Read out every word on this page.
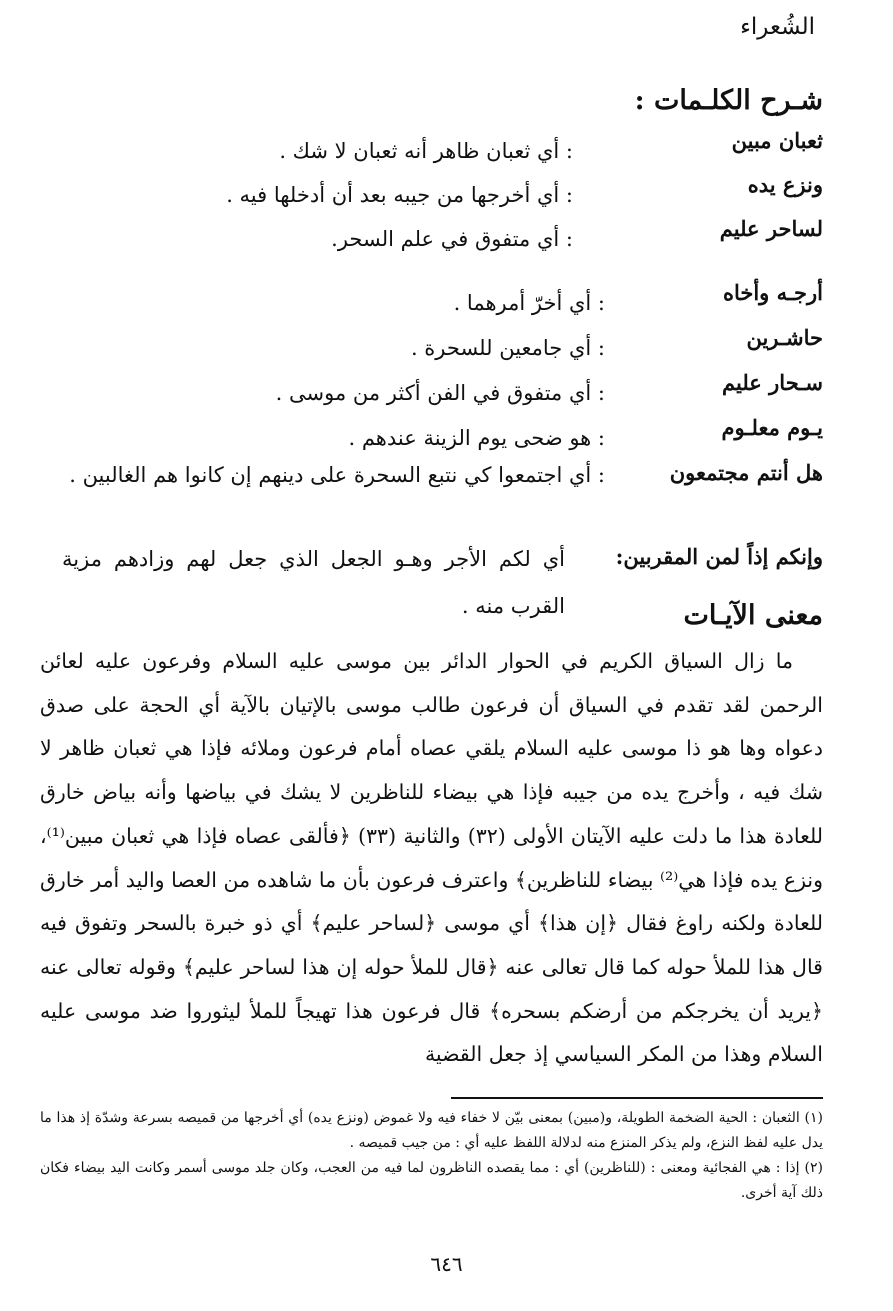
الشُعراء
شـرح الكلـمات :
ثعبان مبين
: أي ثعبان ظاهر أنه ثعبان لا شك .
ونزع يده
: أي أخرجها من جيبه بعد أن أدخلها فيه .
لساحر عليم
: أي متفوق في علم السحر.
أرجـه وأخاه
: أي أخرّ أمرهما .
حاشـرين
: أي جامعين للسحرة .
سـحار عليم
: أي متفوق في الفن أكثر من موسى .
يـوم معلـوم
: هو ضحى يوم الزينة عندهم .
هل أنتم مجتمعون
: أي اجتمعوا كي نتبع السحرة على دينهم إن كانوا هم الغالبين .
وإنكم إذاً لمن المقربين:
أي لكم الأجر وهـو الجعل الذي جعل لهم وزادهم مزية القرب منه .	معنى الآيـات

ما زال السياق الكريم في الحوار الدائر بين موسى عليه السلام وفرعون عليه لعائن الرحمن لقد تقدم في السياق أن فرعون طالب موسى بالإتيان بالآية أي الحجة على صدق دعواه وها هو ذا موسى عليه السلام يلقي عصاه أمام فرعون وملائه فإذا هي ثعبان ظاهر لا شك فيه ، وأخرج يده من جيبه فإذا هي بيضاء للناظرين لا يشك في بياضها وأنه بياض خارق للعادة هذا ما دلت عليه الآيتان الأولى (٣٢) والثانية (٣٣) ﴿فألقى عصاه فإذا هي ثعبان مبين⁽¹⁾، ونزع يده فإذا هي⁽²⁾ بيضاء للناظرين﴾ واعترف فرعون بأن ما شاهده من العصا واليد أمر خارق للعادة ولكنه راوغ فقال ﴿إن هذا﴾ أي موسى ﴿لساحر عليم﴾ أي ذو خبرة بالسحر وتفوق فيه قال هذا للملأ حوله كما قال تعالى عنه ﴿قال للملأ حوله إن هذا لساحر عليم﴾ وقوله تعالى عنه ﴿يريد أن يخرجكم من أرضكم بسحره﴾ قال فرعون هذا تهيجاً للملأ ليثوروا ضد موسى عليه السلام وهذا من المكر السياسي إذ جعل القضية

(١) الثعبان : الحية الضخمة الطويلة، و(مبين) بمعنى بيّن لا خفاء فيه ولا غموض (ونزع يده) أي أخرجها من قميصه بسرعة وشدّة إذ هذا ما يدل عليه لفظ النزع، ولم يذكر المنزع منه لدلالة اللفظ عليه أي : من جيب قميصه .

(٢) إذا : هي الفجائية ومعنى : (للناظرين) أي : مما يقصده الناظرون لما فيه من العجب، وكان جلد موسى أسمر وكانت اليد بيضاء فكان ذلك آية أخرى.

٦٤٦
